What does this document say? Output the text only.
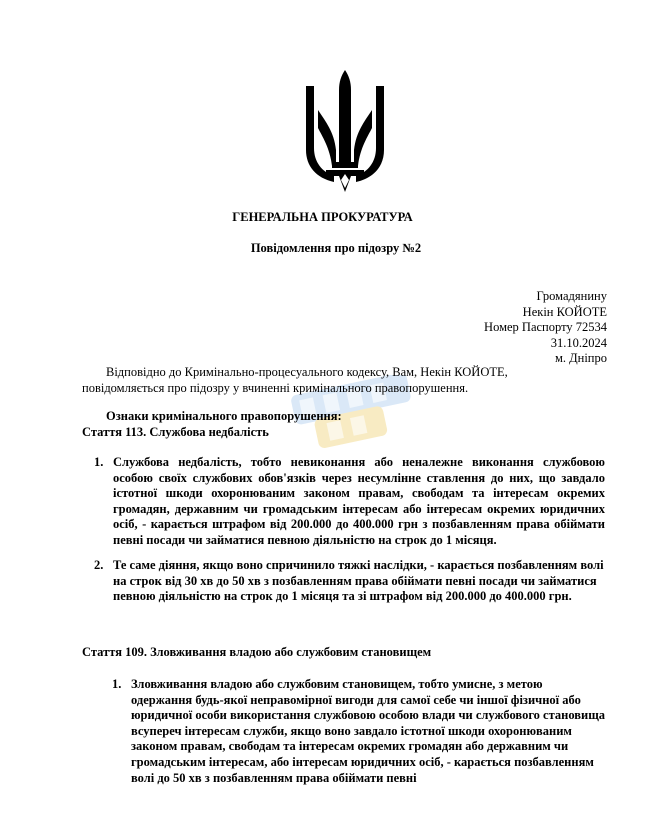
ГЕНЕРАЛЬНА ПРОКУРАТУРА
Повідомлення про підозру №2
Громадянину
Некін КОЙОТЕ
Номер Паспорту 72534
31.10.2024
м. Дніпро
Відповідно до Кримінально-процесуального кодексу, Вам, Некін КОЙОТЕ,
повідомляється про підозру у вчиненні кримінального правопорушення.
Ознаки кримінального правопорушення:
Стаття 113. Службова недбалість
1. Службова недбалість, тобто невиконання або неналежне виконання службовою особою своїх службових обов'язків через несумлінне ставлення до них, що завдало істотної шкоди охоронюваним законом правам, свободам та інтересам окремих громадян, державним чи громадським інтересам або інтересам окремих юридичних осіб, - карається штрафом від 200.000 до 400.000 грн з позбавленням права обіймати певні посади чи займатися певною діяльністю на строк до 1 місяця.
2. Те саме діяння, якщо воно спричинило тяжкі наслідки, - карається позбавленням волі на строк від 30 хв до 50 хв з позбавленням права обіймати певні посади чи займатися певною діяльністю на строк до 1 місяця та зі штрафом від 200.000 до 400.000 грн.
Стаття 109. Зловживання владою або службовим становищем
1. Зловживання владою або службовим становищем, тобто умисне, з метою одержання будь-якої неправомірної вигоди для самої себе чи іншої фізичної або юридичної особи використання службовою особою влади чи службового становища всупереч інтересам служби, якщо воно завдало істотної шкоди охоронюваним законом правам, свободам та інтересам окремих громадян або державним чи громадським інтересам, або інтересам юридичних осіб, - карається позбавленням волі до 50 хв з позбавленням права обіймати певні
